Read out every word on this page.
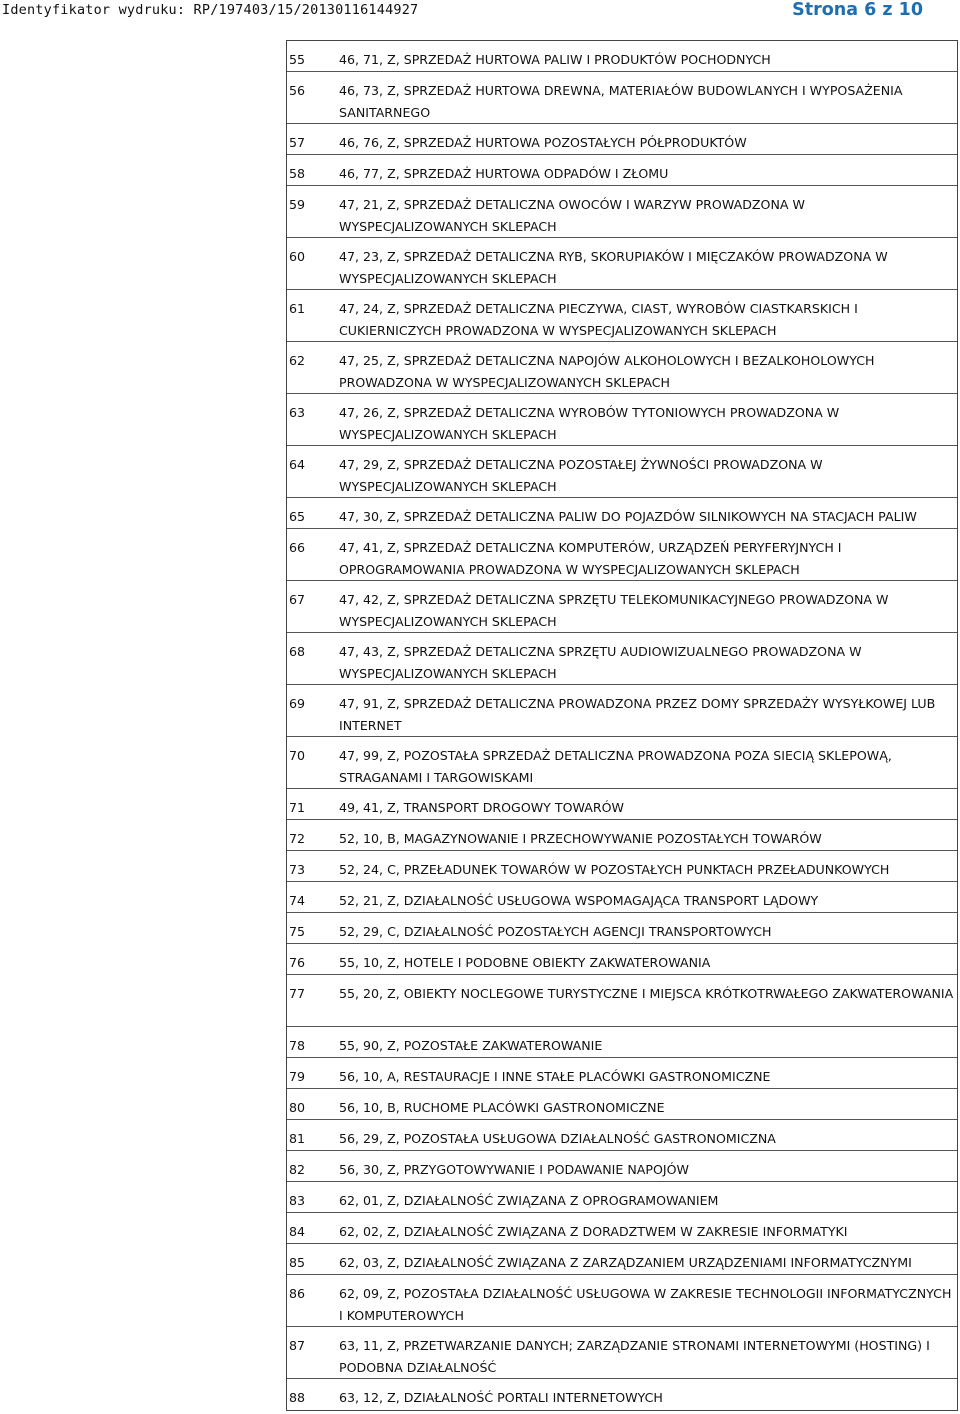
Identyfikator wydruku: RP/197403/15/20130116144927	Strona 6 z 10
55	46, 71, Z, SPRZEDAŻ HURTOWA PALIW I PRODUKTÓW POCHODNYCH
56	46, 73, Z, SPRZEDAŻ HURTOWA DREWNA, MATERIAŁÓW BUDOWLANYCH I WYPOSAŻENIA SANITARNEGO
57	46, 76, Z, SPRZEDAŻ HURTOWA POZOSTAŁYCH PÓŁPRODUKTÓW
58	46, 77, Z, SPRZEDAŻ HURTOWA ODPADÓW I ZŁOMU
59	47, 21, Z, SPRZEDAŻ DETALICZNA OWOCÓW I WARZYW PROWADZONA W WYSPECJALIZOWANYCH SKLEPACH
60	47, 23, Z, SPRZEDAŻ DETALICZNA RYB, SKORUPIAKÓW I MIĘCZAKÓW PROWADZONA W WYSPECJALIZOWANYCH SKLEPACH
61	47, 24, Z, SPRZEDAŻ DETALICZNA PIECZYWA, CIAST, WYROBÓW CIASTKARSKICH I CUKIERNICZYCH PROWADZONA W WYSPECJALIZOWANYCH SKLEPACH
62	47, 25, Z, SPRZEDAŻ DETALICZNA NAPOJÓW ALKOHOLOWYCH I BEZALKOHOLOWYCH PROWADZONA W WYSPECJALIZOWANYCH SKLEPACH
63	47, 26, Z, SPRZEDAŻ DETALICZNA WYROBÓW TYTONIOWYCH PROWADZONA W WYSPECJALIZOWANYCH SKLEPACH
64	47, 29, Z, SPRZEDAŻ DETALICZNA POZOSTAŁEJ ŻYWNOŚCI PROWADZONA W WYSPECJALIZOWANYCH SKLEPACH
65	47, 30, Z, SPRZEDAŻ DETALICZNA PALIW DO POJAZDÓW SILNIKOWYCH NA STACJACH PALIW
66	47, 41, Z, SPRZEDAŻ DETALICZNA KOMPUTERÓW, URZĄDZEŃ PERYFERYJNYCH I OPROGRAMOWANIA PROWADZONA W WYSPECJALIZOWANYCH SKLEPACH
67	47, 42, Z, SPRZEDAŻ DETALICZNA SPRZĘTU TELEKOMUNIKACYJNEGO PROWADZONA W WYSPECJALIZOWANYCH SKLEPACH
68	47, 43, Z, SPRZEDAŻ DETALICZNA SPRZĘTU AUDIOWIZUALNEGO PROWADZONA W WYSPECJALIZOWANYCH SKLEPACH
69	47, 91, Z, SPRZEDAŻ DETALICZNA PROWADZONA PRZEZ DOMY SPRZEDAŻY WYSYŁKOWEJ LUB INTERNET
70	47, 99, Z, POZOSTAŁA SPRZEDAŻ DETALICZNA PROWADZONA POZA SIECIĄ SKLEPOWĄ, STRAGANAMI I TARGOWISKAMI
71	49, 41, Z, TRANSPORT DROGOWY TOWARÓW
72	52, 10, B, MAGAZYNOWANIE I PRZECHOWYWANIE POZOSTAŁYCH TOWARÓW
73	52, 24, C, PRZEŁADUNEK TOWARÓW W POZOSTAŁYCH PUNKTACH PRZEŁADUNKOWYCH
74	52, 21, Z, DZIAŁALNOŚĆ USŁUGOWA WSPOMAGAJĄCA TRANSPORT LĄDOWY
75	52, 29, C, DZIAŁALNOŚĆ POZOSTAŁYCH AGENCJI TRANSPORTOWYCH
76	55, 10, Z, HOTELE I PODOBNE OBIEKTY ZAKWATEROWANIA
77	55, 20, Z, OBIEKTY NOCLEGOWE TURYSTYCZNE I MIEJSCA KRÓTKOTRWAŁEGO ZAKWATEROWANIA
78	55, 90, Z, POZOSTAŁE ZAKWATEROWANIE
79	56, 10, A, RESTAURACJE I INNE STAŁE PLACÓWKI GASTRONOMICZNE
80	56, 10, B, RUCHOME PLACÓWKI GASTRONOMICZNE
81	56, 29, Z, POZOSTAŁA USŁUGOWA DZIAŁALNOŚĆ GASTRONOMICZNA
82	56, 30, Z, PRZYGOTOWYWANIE I PODAWANIE NAPOJÓW
83	62, 01, Z, DZIAŁALNOŚĆ ZWIĄZANA Z OPROGRAMOWANIEM
84	62, 02, Z, DZIAŁALNOŚĆ ZWIĄZANA Z DORADZTWEM W ZAKRESIE INFORMATYKI
85	62, 03, Z, DZIAŁALNOŚĆ ZWIĄZANA Z ZARZĄDZANIEM URZĄDZENIAMI INFORMATYCZNYMI
86	62, 09, Z, POZOSTAŁA DZIAŁALNOŚĆ USŁUGOWA W ZAKRESIE TECHNOLOGII INFORMATYCZNYCH I KOMPUTEROWYCH
87	63, 11, Z, PRZETWARZANIE DANYCH; ZARZĄDZANIE STRONAMI INTERNETOWYMI (HOSTING) I PODOBNA DZIAŁALNOŚĆ
88	63, 12, Z, DZIAŁALNOŚĆ PORTALI INTERNETOWYCH
